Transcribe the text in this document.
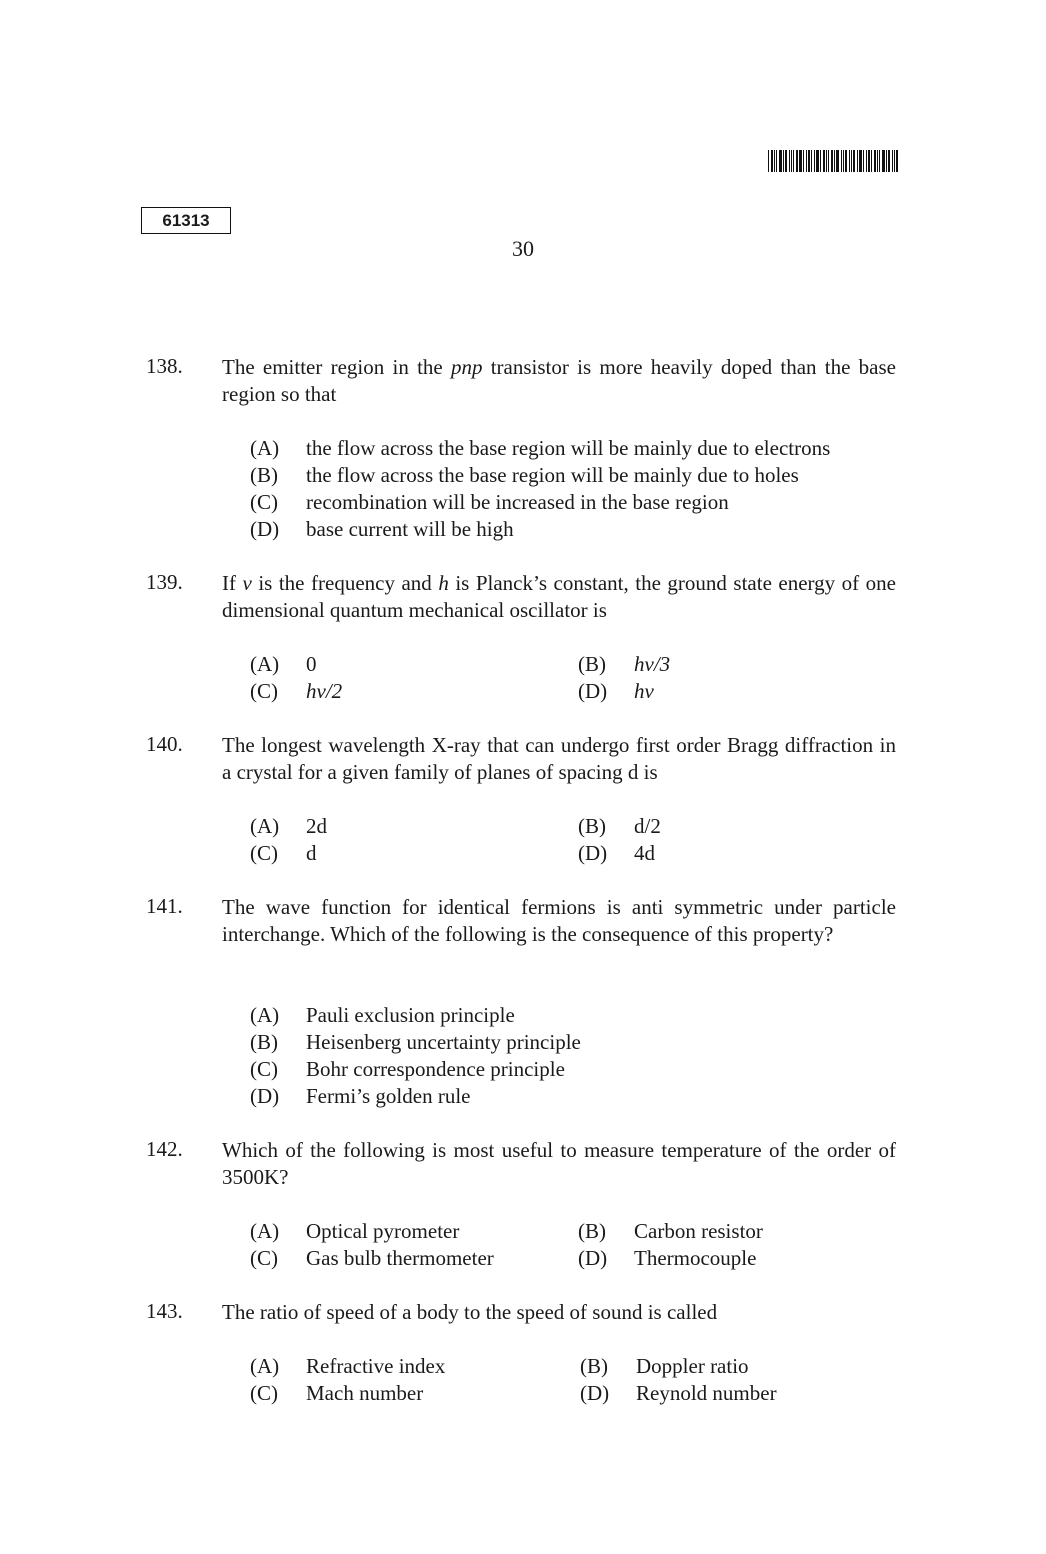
61313
30
138. The emitter region in the pnp transistor is more heavily doped than the base region so that
(A) the flow across the base region will be mainly due to electrons
(B) the flow across the base region will be mainly due to holes
(C) recombination will be increased in the base region
(D) base current will be high
139. If v is the frequency and h is Planck’s constant, the ground state energy of one dimensional quantum mechanical oscillator is
(A) 0	(B) hv/3
(C) hv/2	(D) hv
140. The longest wavelength X-ray that can undergo first order Bragg diffraction in a crystal for a given family of planes of spacing d is
(A) 2d	(B) d/2
(C) d	(D) 4d
141. The wave function for identical fermions is anti symmetric under particle interchange. Which of the following is the consequence of this property?
(A) Pauli exclusion principle
(B) Heisenberg uncertainty principle
(C) Bohr correspondence principle
(D) Fermi’s golden rule
142. Which of the following is most useful to measure temperature of the order of 3500K?
(A) Optical pyrometer	(B) Carbon resistor
(C) Gas bulb thermometer	(D) Thermocouple
143. The ratio of speed of a body to the speed of sound is called
(A) Refractive index	(B) Doppler ratio
(C) Mach number	(D) Reynold number
